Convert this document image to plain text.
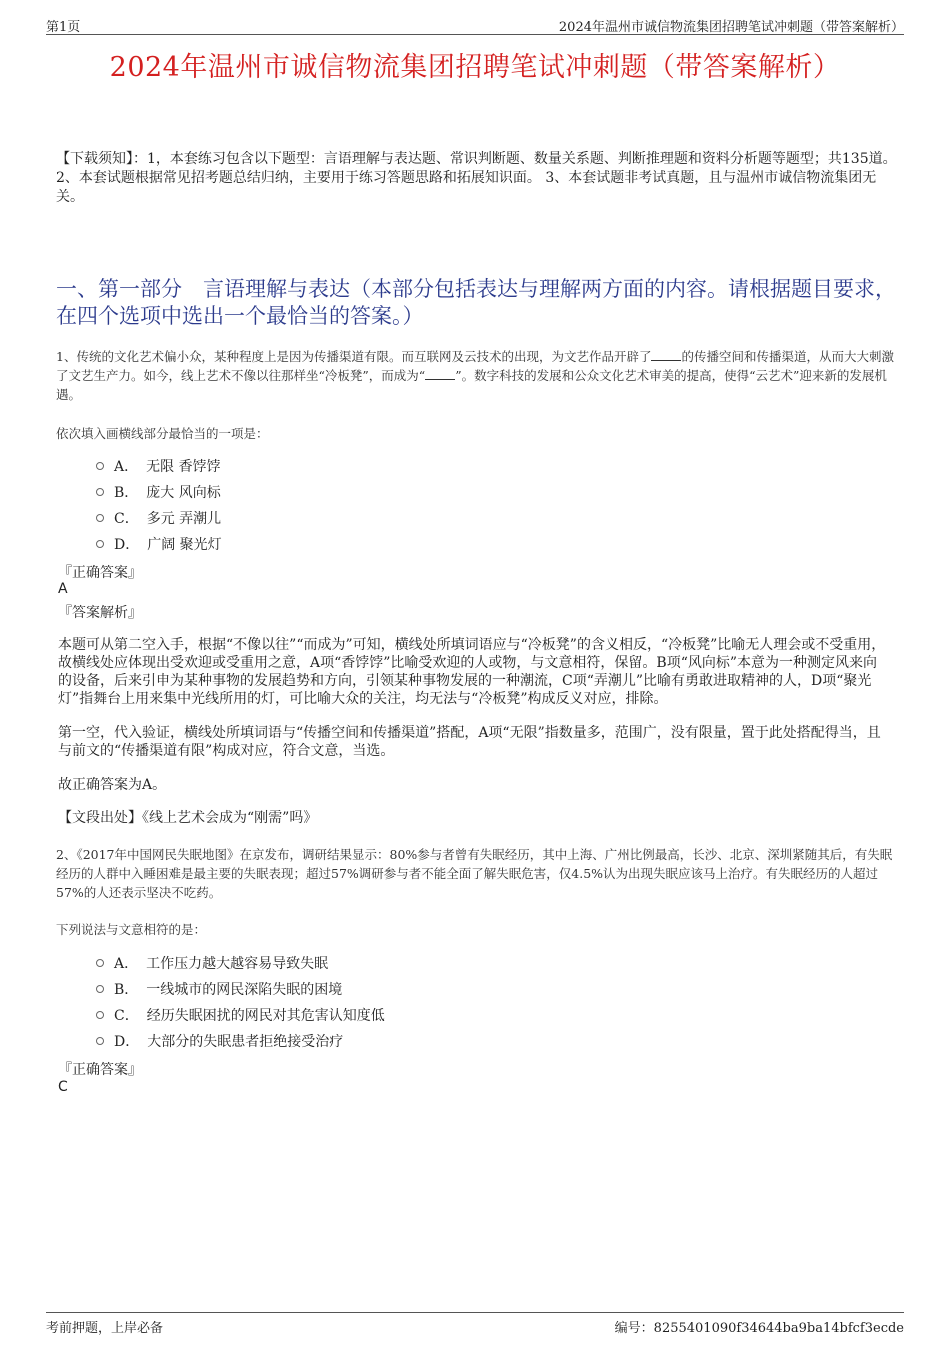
第1页	2024年温州市诚信物流集团招聘笔试冲刺题（带答案解析）
2024年温州市诚信物流集团招聘笔试冲刺题（带答案解析）
【下载须知】：1，本套练习包含以下题型：言语理解与表达题、常识判断题、数量关系题、判断推理题和资料分析题等题型；共135道。 2、本套试题根据常见招考题总结归纳，主要用于练习答题思路和拓展知识面。 3、本套试题非考试真题，且与温州市诚信物流集团无关。
一、第一部分　言语理解与表达（本部分包括表达与理解两方面的内容。请根据题目要求，在四个选项中选出一个最恰当的答案。）
1、传统的文化艺术偏小众，某种程度上是因为传播渠道有限。而互联网及云技术的出现，为文艺作品开辟了 的传播空间和传播渠道，从而大大刺激了文艺生产力。如今，线上艺术不像以往那样坐“冷板凳”，而成为“ ”。数字科技的发展和公众文化艺术审美的提高，使得“云艺术”迎来新的发展机遇。
依次填入画横线部分最恰当的一项是：
A． 无限 香饽饽
B． 庞大 风向标
C． 多元 弄潮儿
D． 广阔 聚光灯
『正确答案』
A
『答案解析』
本题可从第二空入手，根据“不像以往”“而成为”可知，横线处所填词语应与“冷板凳”的含义相反，“冷板凳”比喻无人理会或不受重用，故横线处应体现出受欢迎或受重用之意，A项“香饽饽”比喻受欢迎的人或物，与文意相符，保留。B项“风向标”本意为一种测定风来向的设备，后来引申为某种事物的发展趋势和方向，引领某种事物发展的一种潮流，C项“弄潮儿”比喻有勇敢进取精神的人，D项“聚光灯”指舞台上用来集中光线所用的灯，可比喻大众的关注，均无法与“冷板凳”构成反义对应，排除。
第一空，代入验证，横线处所填词语与“传播空间和传播渠道”搭配，A项“无限”指数量多，范围广，没有限量，置于此处搭配得当，且与前文的“传播渠道有限”构成对应，符合文意，当选。
故正确答案为A。
【文段出处】《线上艺术会成为“刚需”吗》
2、《2017年中国网民失眠地图》在京发布，调研结果显示：80%参与者曾有失眠经历，其中上海、广州比例最高，长沙、北京、深圳紧随其后，有失眠经历的人群中入睡困难是最主要的失眠表现；超过57%调研参与者不能全面了解失眠危害，仅4.5%认为出现失眠应该马上治疗。有失眠经历的人超过57%的人还表示坚决不吃药。
下列说法与文意相符的是：
A． 工作压力越大越容易导致失眠
B． 一线城市的网民深陷失眠的困境
C． 经历失眠困扰的网民对其危害认知度低
D． 大部分的失眠患者拒绝接受治疗
『正确答案』
C
考前押题，上岸必备	编号：8255401090f34644ba9ba14bfcf3ecde
